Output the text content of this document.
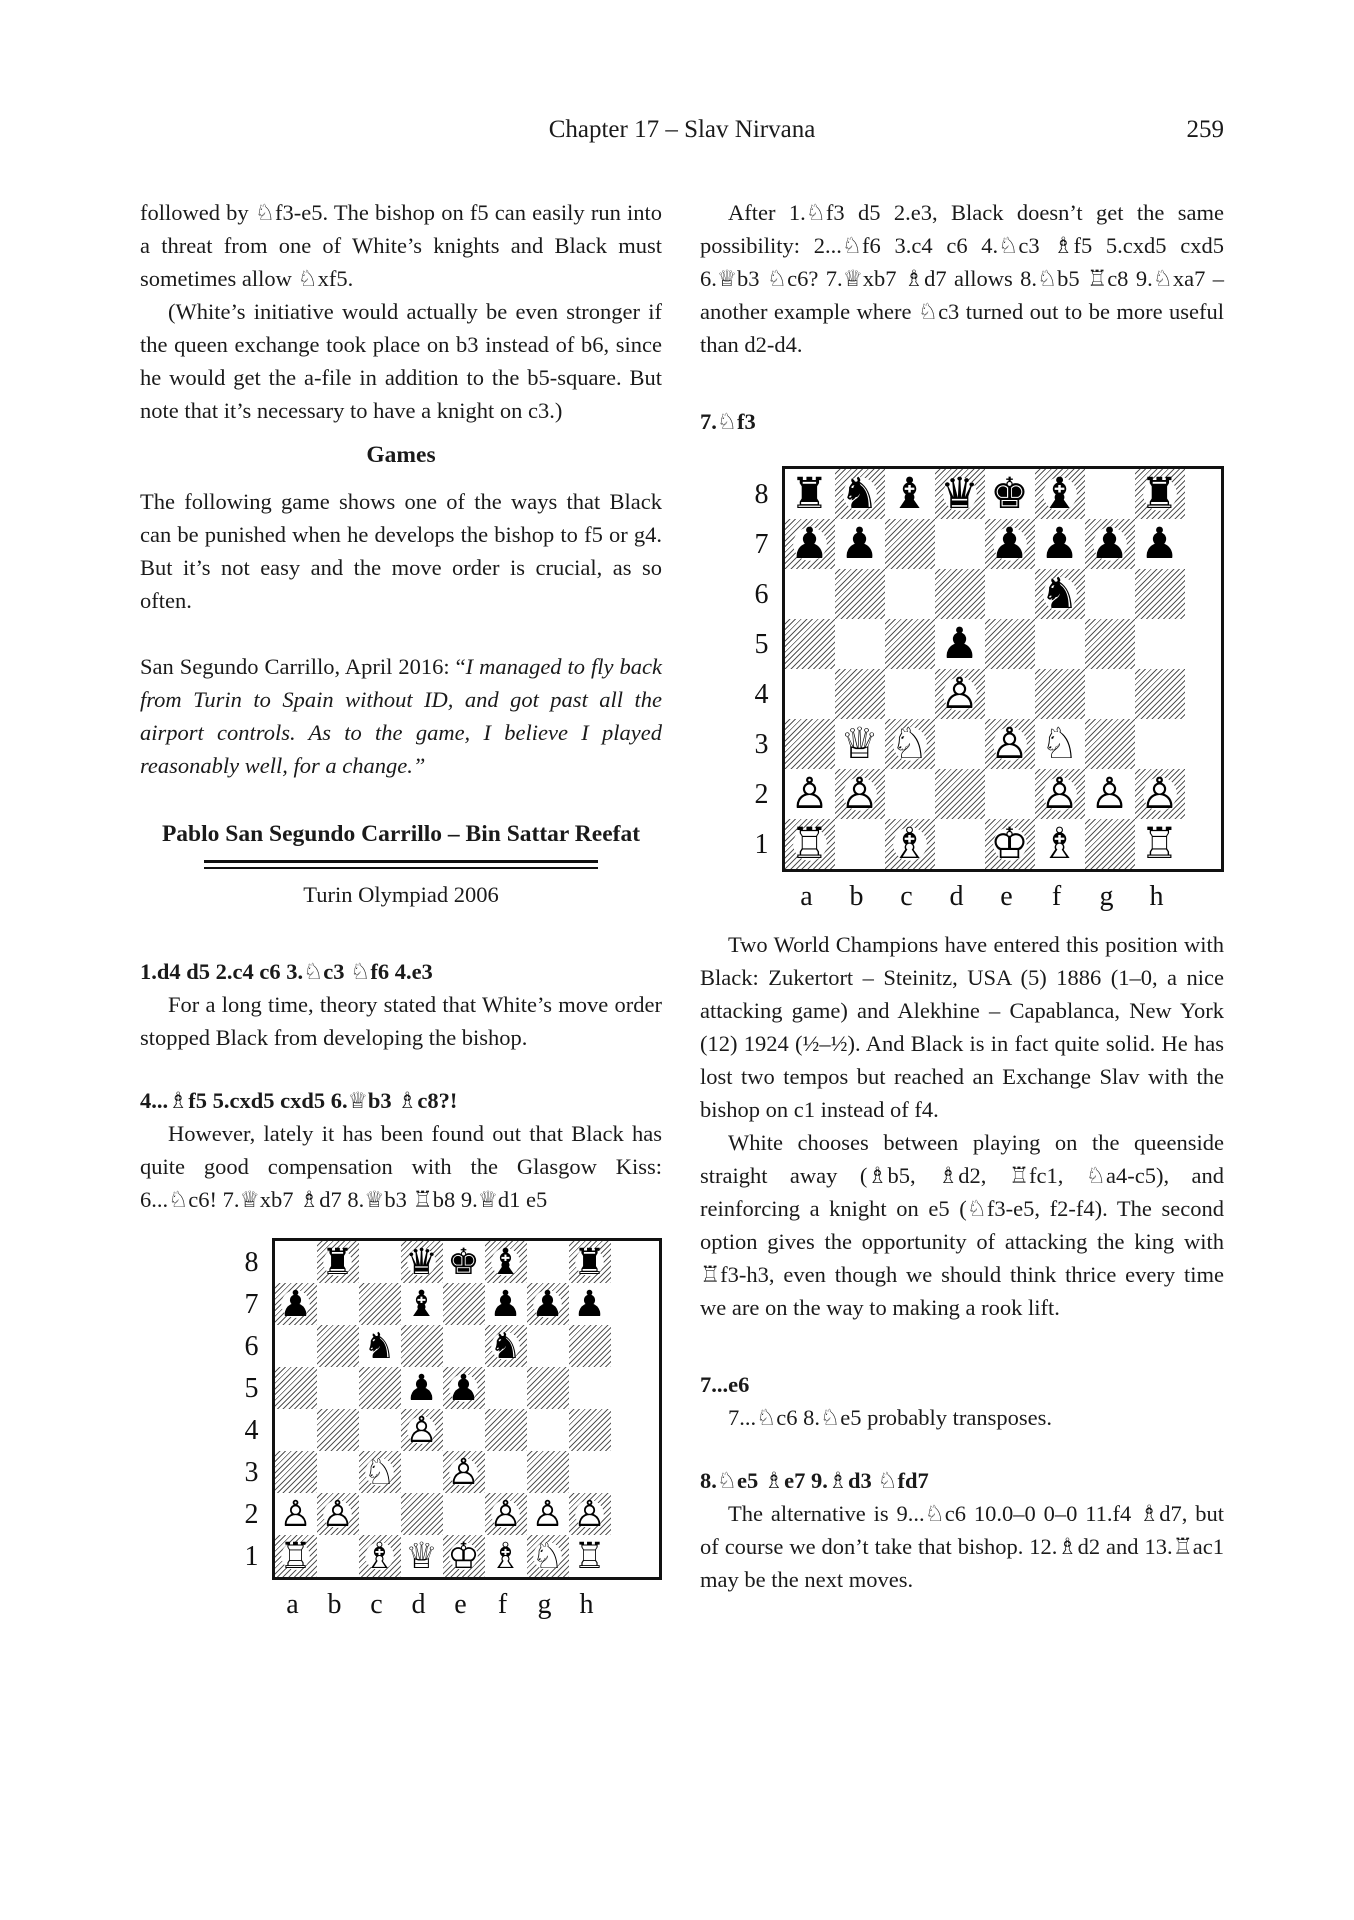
Chapter 17 – Slav Nirvana	259

followed by ♘f3-e5. The bishop on f5 can easily run into a threat from one of White’s knights and Black must sometimes allow ♘xf5.

(White’s initiative would actually be even stronger if the queen exchange took place on b3 instead of b6, since he would get the a-file in addition to the b5-square. But note that it’s necessary to have a knight on c3.)

Games

The following game shows one of the ways that Black can be punished when he develops the bishop to f5 or g4. But it’s not easy and the move order is crucial, as so often.

San Segundo Carrillo, April 2016: “I managed to fly back from Turin to Spain without ID, and got past all the airport controls. As to the game, I believe I played reasonably well, for a change.”

Pablo San Segundo Carrillo – Bin Sattar Reefat
Turin Olympiad 2006

1.d4 d5 2.c4 c6 3.♘c3 ♘f6 4.e3

For a long time, theory stated that White’s move order stopped Black from developing the bishop.

4...♗f5 5.cxd5 cxd5 6.♕b3 ♗c8?!

However, lately it has been found out that Black has quite good compensation with the Glasgow Kiss: 6...♘c6! 7.♕xb7 ♗d7 8.♕b3 ♖b8 9.♕d1 e5

8
7
6
5
4
3
2
1
♜ ♛ ♚ ♝ ♜
♟	♝ ♟ ♟ ♟
♞	♞
♟ ♟
♙
♘ ♙
♙ ♙	♙ ♙ ♙
♖ ♗ ♕ ♔ ♗ ♘ ♖
a	b	c	d	e	f	g	h

After 1.♘f3 d5 2.e3, Black doesn’t get the same possibility: 2...♘f6 3.c4 c6 4.♘c3 ♗f5 5.cxd5 cxd5 6.♕b3 ♘c6? 7.♕xb7 ♗d7 allows 8.♘b5 ♖c8 9.♘xa7 – another example where ♘c3 turned out to be more useful than d2-d4.

7.♘f3

8
7
6
5
4
3
2
1
♜ ♞ ♝ ♛ ♚ ♝ ♜
♟ ♟	♟ ♟ ♟ ♟
♞
♟
♙
♕ ♘ ♙ ♘
♙ ♙	♙ ♙ ♙
♖ ♗ ♔ ♗ ♖
a	b	c	d	e	f	g	h

Two World Champions have entered this position with Black: Zukertort – Steinitz, USA (5) 1886 (1–0, a nice attacking game) and Alekhine – Capablanca, New York (12) 1924 (½–½). And Black is in fact quite solid. He has lost two tempos but reached an Exchange Slav with the bishop on c1 instead of f4.

White chooses between playing on the queenside straight away (♗b5, ♗d2, ♖fc1, ♘a4-c5), and reinforcing a knight on e5 (♘f3-e5, f2-f4). The second option gives the opportunity of attacking the king with ♖f3-h3, even though we should think thrice every time we are on the way to making a rook lift.

7...e6

7...♘c6 8.♘e5 probably transposes.

8.♘e5 ♗e7 9.♗d3 ♘fd7

The alternative is 9...♘c6 10.0–0 0–0 11.f4 ♗d7, but of course we don’t take that bishop. 12.♗d2 and 13.♖ac1 may be the next moves.
